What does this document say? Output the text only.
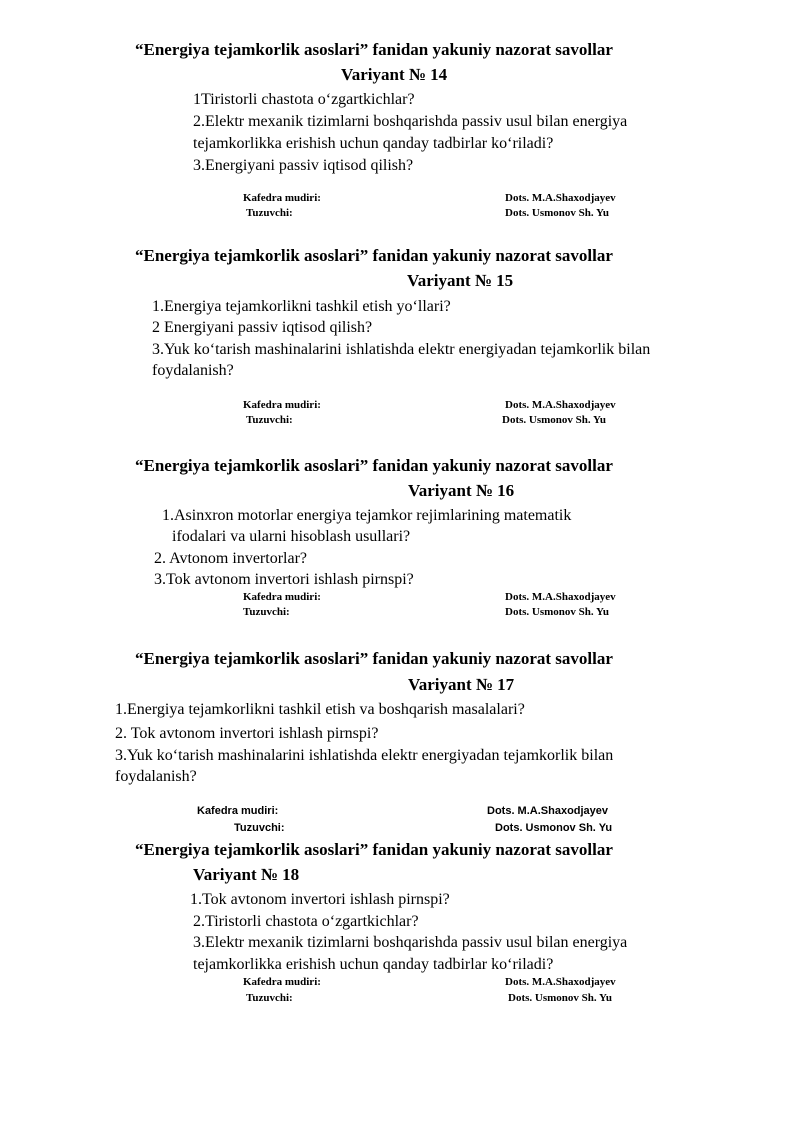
“Energiya tejamkorlik asoslari” fanidan yakuniy nazorat savollar
Variyant № 14
1Tiristorli chastota o‘zgartkichlar?
2.Elektr mexanik tizimlarni boshqarishda passiv usul bilan energiya
tejamkorlikka erishish uchun qanday tadbirlar ko‘riladi?
3.Energiyani passiv iqtisod qilish?
Kafedra mudiri:	Dots. M.A.Shaxodjayev
Tuzuvchi:	Dots. Usmonov Sh. Yu
“Energiya tejamkorlik asoslari” fanidan yakuniy nazorat savollar
Variyant № 15
1.Energiya tejamkorlikni tashkil etish yo‘llari?
2 Energiyani passiv iqtisod qilish?
3.Yuk ko‘tarish mashinalarini ishlatishda elektr energiyadan tejamkorlik bilan
foydalanish?
Kafedra mudiri:	Dots. M.A.Shaxodjayev
Tuzuvchi:	Dots. Usmonov Sh. Yu
“Energiya tejamkorlik asoslari” fanidan yakuniy nazorat savollar
Variyant № 16
1.Asinxron motorlar energiya tejamkor rejimlarining matematik
ifodalari va ularni hisoblash usullari?
2. Avtonom invertorlar?
3.Tok avtonom invertori ishlash pirnspi?
Kafedra mudiri:	Dots. M.A.Shaxodjayev
Tuzuvchi:	Dots. Usmonov Sh. Yu
“Energiya tejamkorlik asoslari” fanidan yakuniy nazorat savollar
Variyant № 17
1.Energiya tejamkorlikni tashkil etish va boshqarish masalalari?
2. Tok avtonom invertori ishlash pirnspi?
3.Yuk ko‘tarish mashinalarini ishlatishda elektr energiyadan tejamkorlik bilan
foydalanish?
Kafedra mudiri:	Dots. M.A.Shaxodjayev
Tuzuvchi:	Dots. Usmonov Sh. Yu
“Energiya tejamkorlik asoslari” fanidan yakuniy nazorat savollar
Variyant № 18
1.Tok avtonom invertori ishlash pirnspi?
2.Tiristorli chastota o‘zgartkichlar?
3.Elektr mexanik tizimlarni boshqarishda passiv usul bilan energiya
tejamkorlikka erishish uchun qanday tadbirlar ko‘riladi?
Kafedra mudiri:	Dots. M.A.Shaxodjayev
Tuzuvchi:	Dots. Usmonov Sh. Yu
